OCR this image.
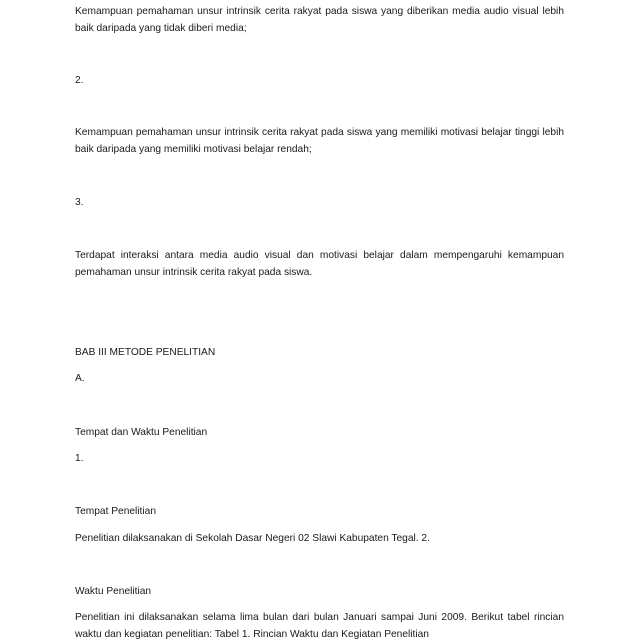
Kemampuan pemahaman unsur intrinsik cerita rakyat pada siswa yang diberikan media audio visual lebih baik daripada yang tidak diberi media;

2.

Kemampuan pemahaman unsur intrinsik cerita rakyat pada siswa yang memiliki motivasi belajar tinggi lebih baik daripada yang memiliki motivasi belajar rendah;

3.

Terdapat interaksi antara media audio visual dan motivasi belajar dalam mempengaruhi kemampuan pemahaman unsur intrinsik cerita rakyat pada siswa.

BAB III METODE PENELITIAN

A.

Tempat dan Waktu Penelitian

1.

Tempat Penelitian

Penelitian dilaksanakan di Sekolah Dasar Negeri 02 Slawi Kabupaten Tegal. 2.

Waktu Penelitian

Penelitian ini dilaksanakan selama lima bulan dari bulan Januari sampai Juni 2009. Berikut tabel rincian waktu dan kegiatan penelitian: Tabel 1. Rincian Waktu dan Kegiatan Penelitian
